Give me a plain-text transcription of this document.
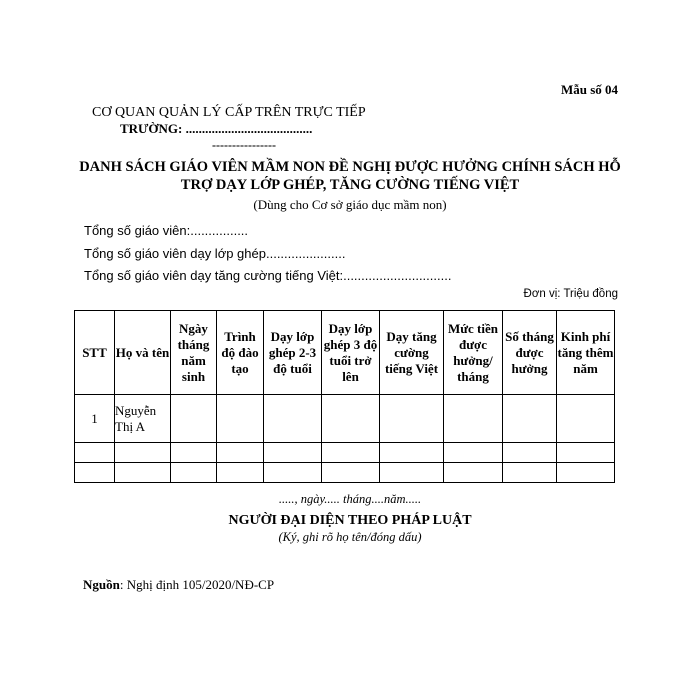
Mẫu số 04
CƠ QUAN QUẢN LÝ CẤP TRÊN TRỰC TIẾP
TRƯỜNG: .......................................
----------------
DANH SÁCH GIÁO VIÊN MẦM NON ĐỀ NGHỊ ĐƯỢC HƯỞNG CHÍNH SÁCH HỖ
TRỢ DẠY LỚP GHÉP, TĂNG CƯỜNG TIẾNG VIỆT
(Dùng cho Cơ sở giáo dục mầm non)
Tổng số giáo viên:................
Tổng số giáo viên dạy lớp ghép......................
Tổng số giáo viên dạy tăng cường tiếng Việt:..............................
Đơn vị: Triệu đồng
STT	Họ và tên	Ngày tháng năm sinh	Trình độ đào tạo	Dạy lớp ghép 2-3 độ tuổi	Dạy lớp ghép 3 độ tuổi trở lên	Dạy tăng cường tiếng Việt	Mức tiền được hưởng/ tháng	Số tháng được hưởng	Kinh phí tăng thêm năm
1	Nguyễn Thị A								

....., ngày..... tháng....năm.....
NGƯỜI ĐẠI DIỆN THEO PHÁP LUẬT
(Ký, ghi rõ họ tên/đóng dấu)
Nguồn: Nghị định 105/2020/NĐ-CP
